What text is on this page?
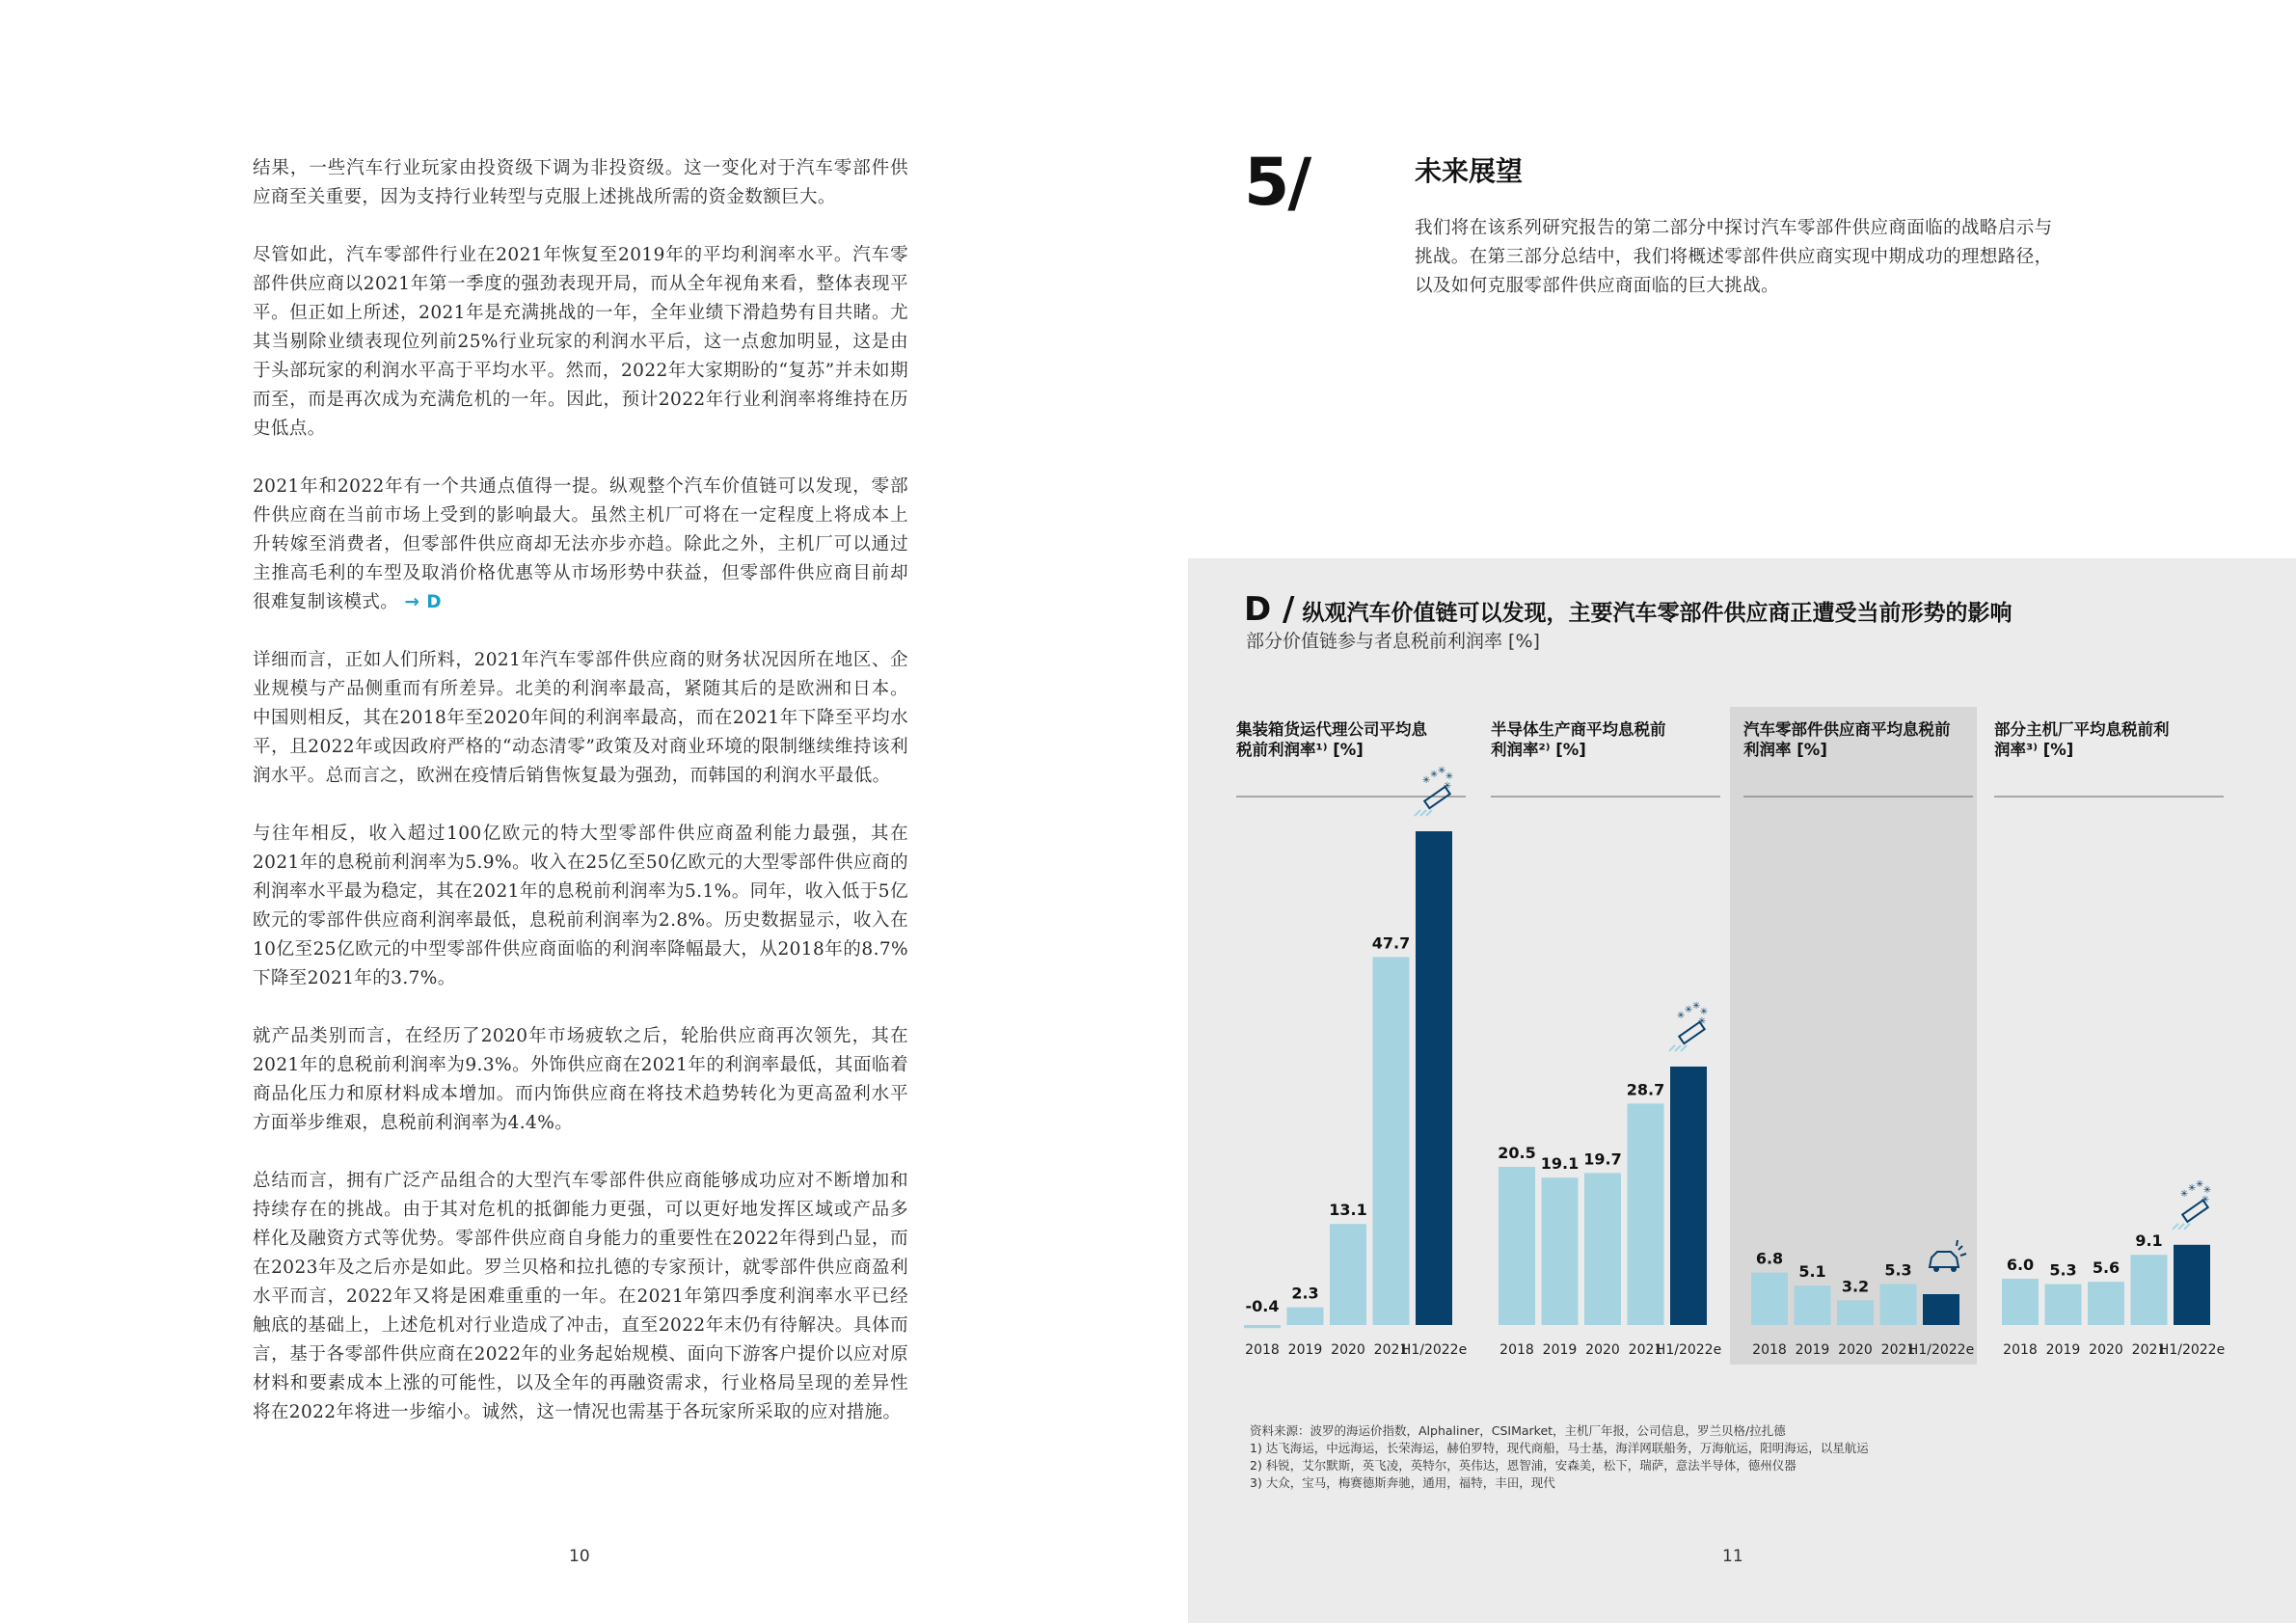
结果，一些汽车行业玩家由投资级下调为非投资级。这一变化对于汽车零部件供应商至关重要，因为支持行业转型与克服上述挑战所需的资金数额巨大。

尽管如此，汽车零部件行业在2021年恢复至2019年的平均利润率水平。汽车零部件供应商以2021年第一季度的强劲表现开局，而从全年视角来看，整体表现平平。但正如上所述，2021年是充满挑战的一年，全年业绩下滑趋势有目共睹。尤其当剔除业绩表现位列前25%行业玩家的利润水平后，这一点愈加明显，这是由于头部玩家的利润水平高于平均水平。然而，2022年大家期盼的“复苏”并未如期而至，而是再次成为充满危机的一年。因此，预计2022年行业利润率将维持在历史低点。

2021年和2022年有一个共通点值得一提。纵观整个汽车价值链可以发现，零部件供应商在当前市场上受到的影响最大。虽然主机厂可将在一定程度上将成本上升转嫁至消费者，但零部件供应商却无法亦步亦趋。除此之外，主机厂可以通过主推高毛利的车型及取消价格优惠等从市场形势中获益，但零部件供应商目前却很难复制该模式。 → D

详细而言，正如人们所料，2021年汽车零部件供应商的财务状况因所在地区、企业规模与产品侧重而有所差异。北美的利润率最高，紧随其后的是欧洲和日本。中国则相反，其在2018年至2020年间的利润率最高，而在2021年下降至平均水平，且2022年或因政府严格的“动态清零”政策及对商业环境的限制继续维持该利润水平。总而言之，欧洲在疫情后销售恢复最为强劲，而韩国的利润水平最低。

与往年相反，收入超过100亿欧元的特大型零部件供应商盈利能力最强，其在2021年的息税前利润率为5.9%。收入在25亿至50亿欧元的大型零部件供应商的利润率水平最为稳定，其在2021年的息税前利润率为5.1%。同年，收入低于5亿欧元的零部件供应商利润率最低，息税前利润率为2.8%。历史数据显示，收入在10亿至25亿欧元的中型零部件供应商面临的利润率降幅最大，从2018年的8.7%下降至2021年的3.7%。

就产品类别而言，在经历了2020年市场疲软之后，轮胎供应商再次领先，其在2021年的息税前利润率为9.3%。外饰供应商在2021年的利润率最低，其面临着商品化压力和原材料成本增加。而内饰供应商在将技术趋势转化为更高盈利水平方面举步维艰，息税前利润率为4.4%。

总结而言，拥有广泛产品组合的大型汽车零部件供应商能够成功应对不断增加和持续存在的挑战。由于其对危机的抵御能力更强，可以更好地发挥区域或产品多样化及融资方式等优势。零部件供应商自身能力的重要性在2022年得到凸显，而在2023年及之后亦是如此。罗兰贝格和拉扎德的专家预计，就零部件供应商盈利水平而言，2022年又将是困难重重的一年。在2021年第四季度利润率水平已经触底的基础上，上述危机对行业造成了冲击，直至2022年末仍有待解决。具体而言，基于各零部件供应商在2022年的业务起始规模、面向下游客户提价以应对原材料和要素成本上涨的可能性，以及全年的再融资需求，行业格局呈现的差异性将在2022年将进一步缩小。诚然，这一情况也需基于各玩家所采取的应对措施。

10
5/	未来展望
我们将在该系列研究报告的第二部分中探讨汽车零部件供应商面临的战略启示与挑战。在第三部分总结中，我们将概述零部件供应商实现中期成功的理想路径，以及如何克服零部件供应商面临的巨大挑战。
D / 纵观汽车价值链可以发现，主要汽车零部件供应商正遭受当前形势的影响
部分价值链参与者息税前利润率 [%]
集装箱货运代理公司平均息
税前利润率¹⁾ [%]
-0.4
2018
2.3
2019
13.1
2020
47.7
2021
H1/2022e
✳ ✳
✳
✳
✳
半导体生产商平均息税前
利润率²⁾ [%]
20.5
2018
19.1
2019
19.7
2020
28.7
2021
H1/2022e
✳ ✳
✳
✳
✳
汽车零部件供应商平均息税前
利润率 [%]
6.8
2018
5.1
2019
3.2
2020
5.3
2021
H1/2022e
部分主机厂平均息税前利
润率³⁾ [%]
6.0
2018
5.3
2019
5.6
2020
9.1
2021
H1/2022e
✳ ✳
✳
✳
✳
资料来源：波罗的海运价指数，Alphaliner，CSIMarket，主机厂年报，公司信息，罗兰贝格/拉扎德
1) 达飞海运，中远海运，长荣海运，赫伯罗特，现代商船，马士基，海洋网联船务，万海航运，阳明海运，以星航运
2) 科锐，艾尔默斯，英飞凌，英特尔，英伟达，恩智浦，安森美，松下，瑞萨，意法半导体，德州仪器
3) 大众，宝马，梅赛德斯奔驰，通用，福特，丰田，现代
11
